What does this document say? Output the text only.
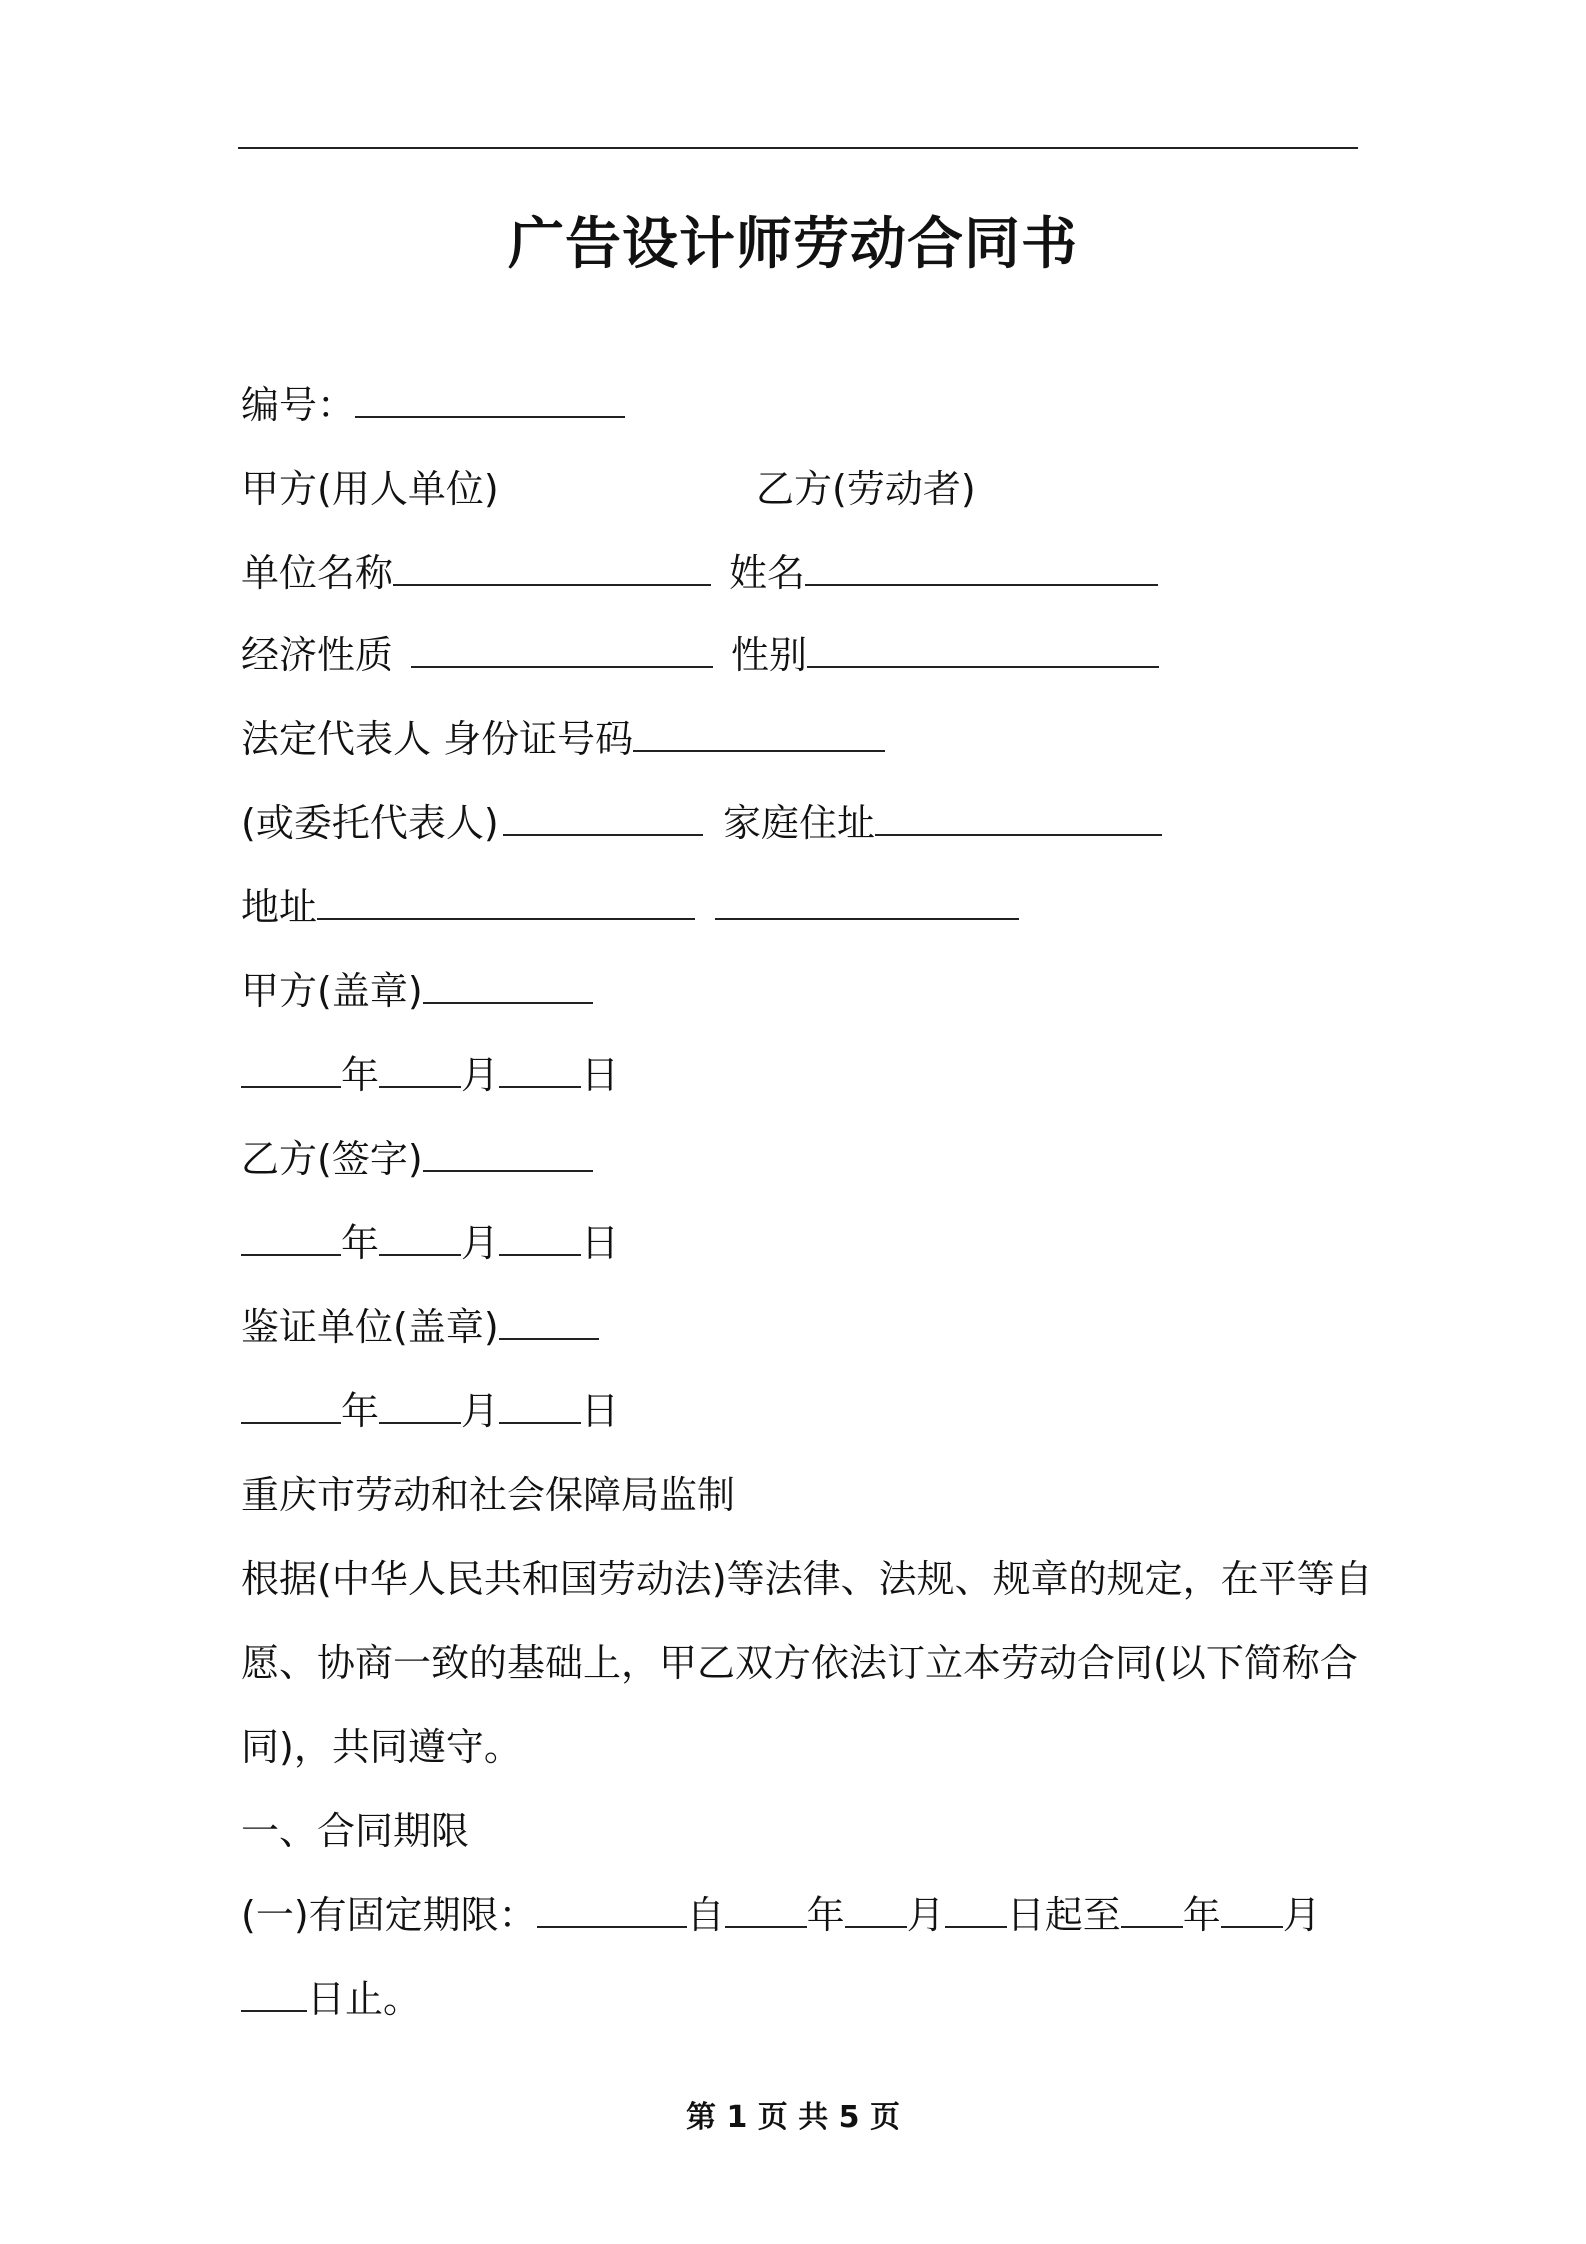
广告设计师劳动合同书
编号：
甲方(用人单位)	乙方(劳动者)
单位名称	姓名
经济性质	性别
法定代表人 身份证号码
(或委托代表人)	家庭住址
地址
甲方(盖章)
年 月 日
乙方(签字)
年 月 日
鉴证单位(盖章)
年 月 日
重庆市劳动和社会保障局监制
根据(中华人民共和国劳动法)等法律、法规、规章的规定，在平等自
愿、协商一致的基础上，甲乙双方依法订立本劳动合同(以下简称合
同)，共同遵守。
一、合同期限
(一)有固定期限：	自 年 月 日起至 年 月
日止。
第 1 页 共 5 页
